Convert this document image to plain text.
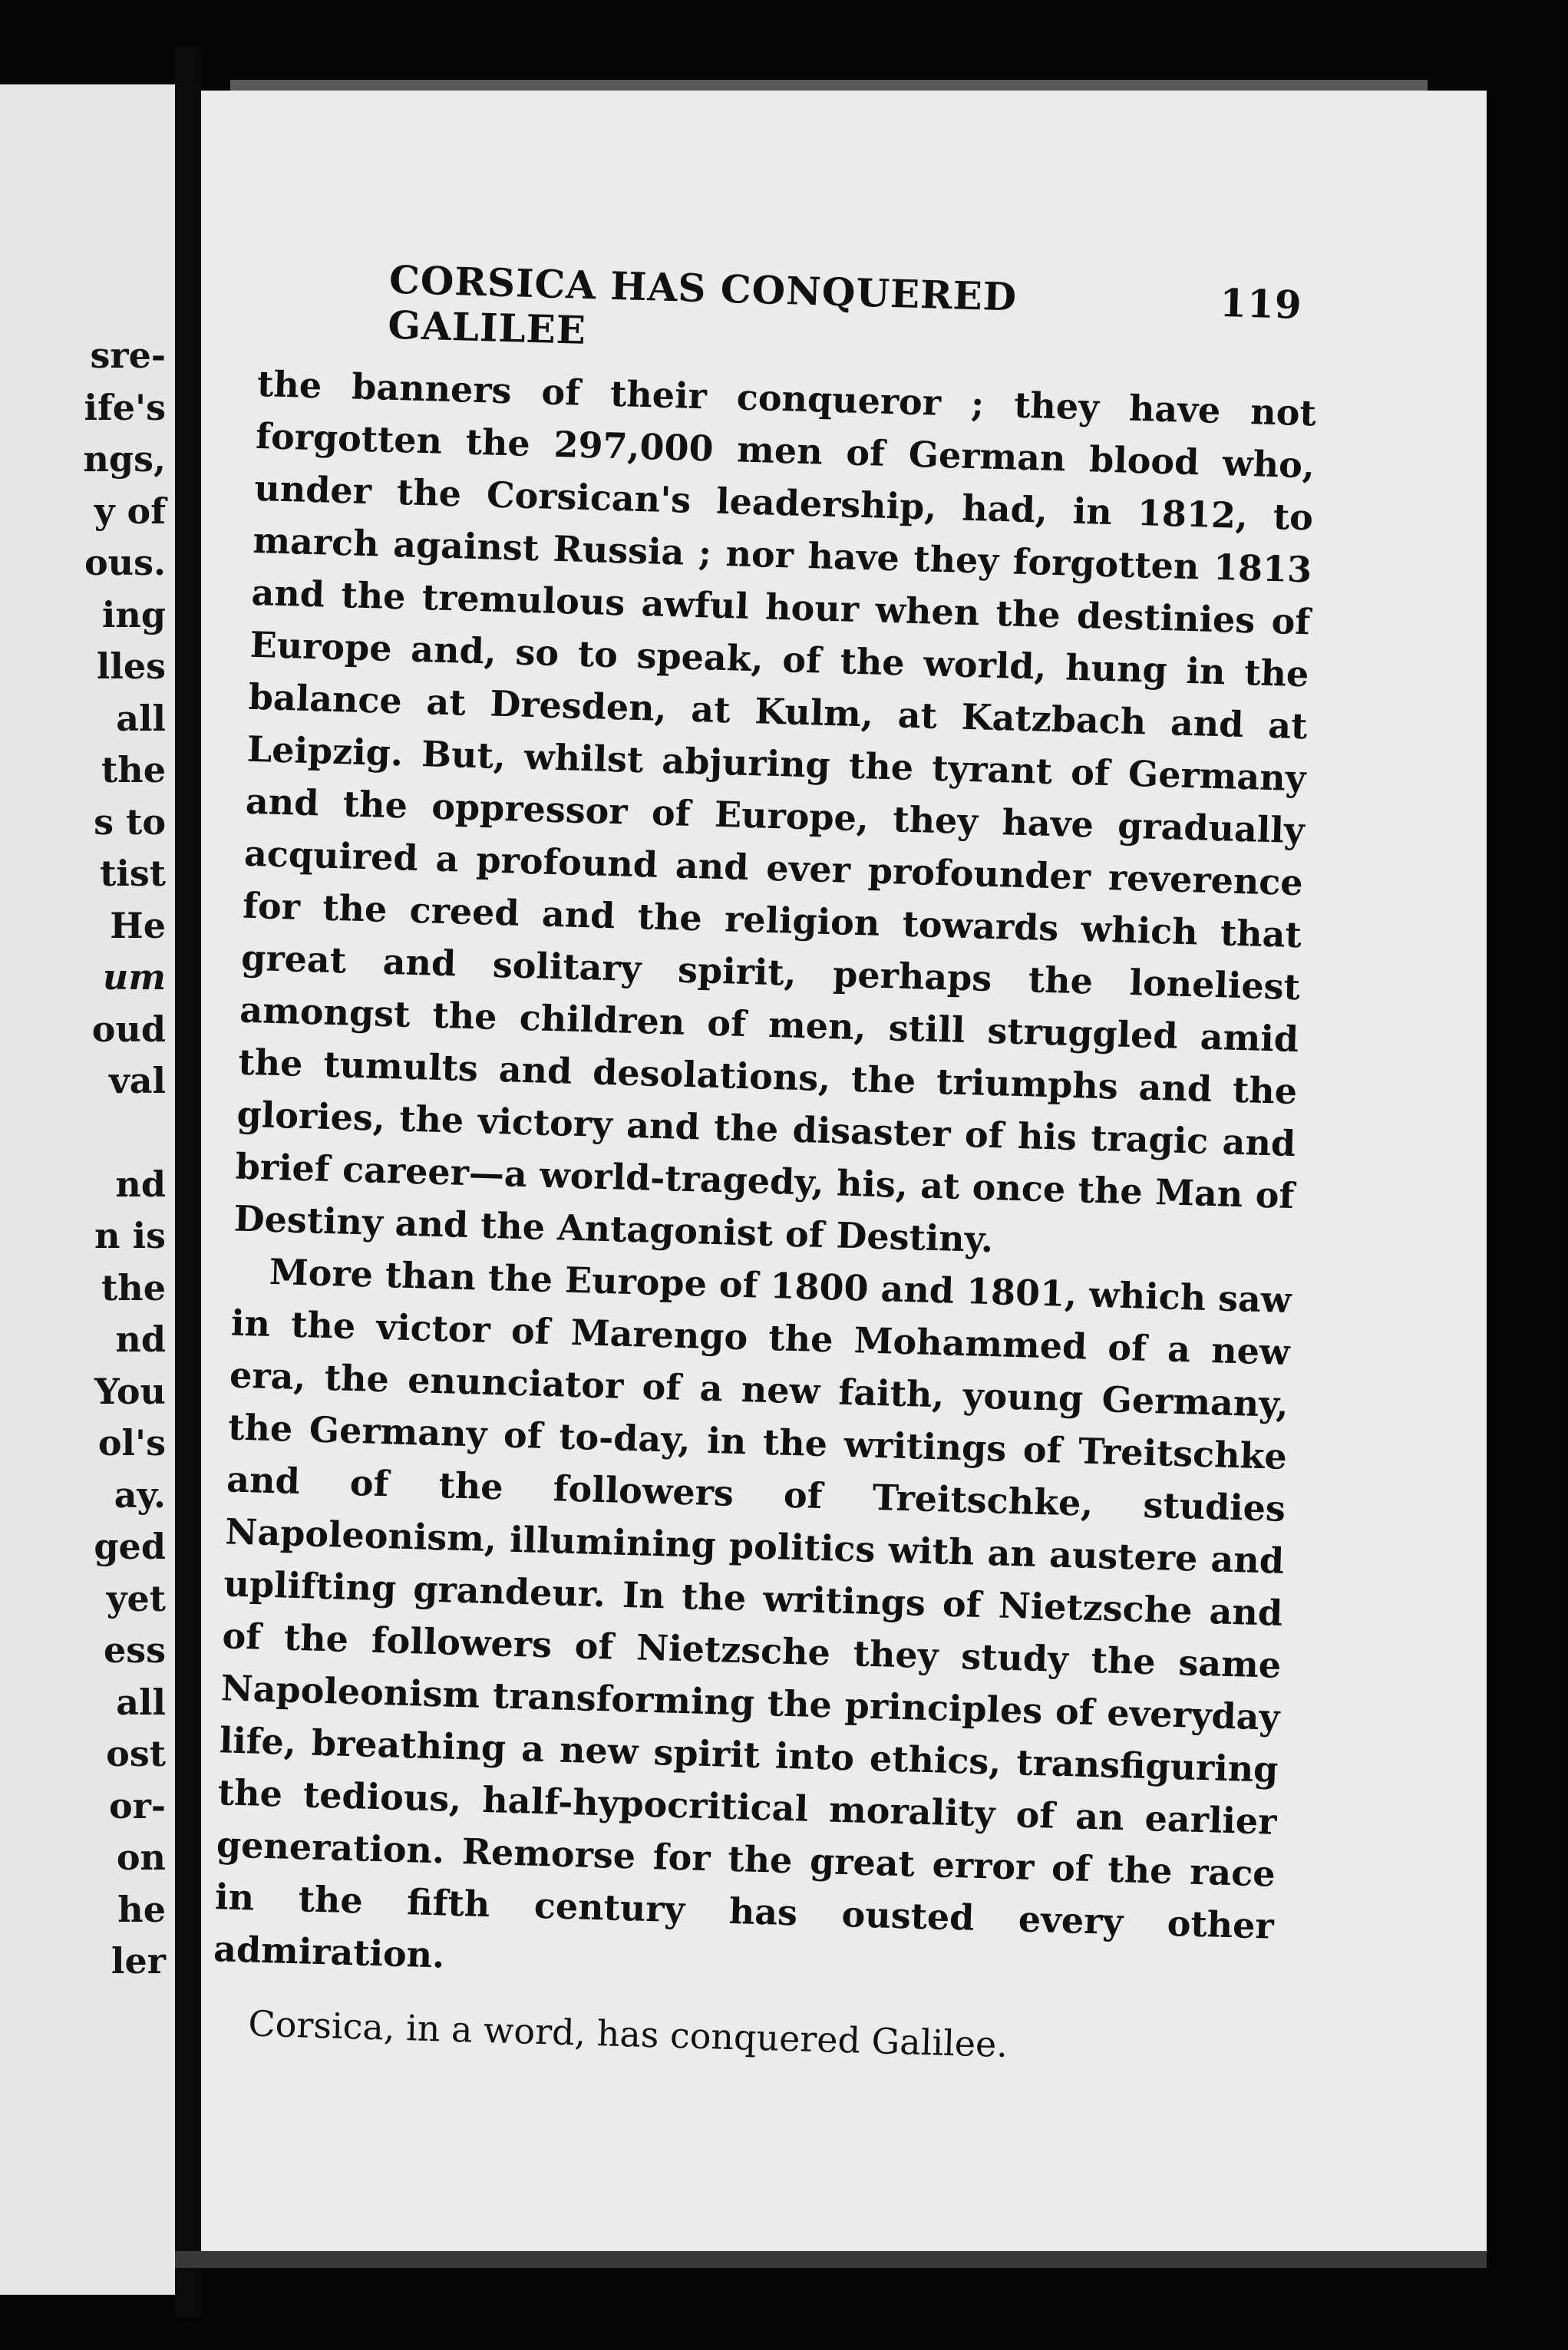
sre-
ife's
ngs,
y of
ous.
ing
lles
all
the
s to
tist
He
um
oud
val
nd
n is
the
nd
You
ol's
ay.
ged
yet
ess
all
ost
or-
on
he
ler
CORSICA HAS CONQUERED GALILEE	119

the banners of their conqueror ; they have not forgotten the 297,000 men of German blood who, under the Corsican's leadership, had, in 1812, to march against Russia ; nor have they forgotten 1813 and the tremulous awful hour when the destinies of Europe and, so to speak, of the world, hung in the balance at Dresden, at Kulm, at Katzbach and at Leipzig. But, whilst abjuring the tyrant of Germany and the oppressor of Europe, they have gradually acquired a profound and ever profounder reverence for the creed and the religion towards which that great and solitary spirit, perhaps the loneliest amongst the children of men, still struggled amid the tumults and desolations, the triumphs and the glories, the victory and the disaster of his tragic and brief career—a world-tragedy, his, at once the Man of Destiny and the Antagonist of Destiny.

More than the Europe of 1800 and 1801, which saw in the victor of Marengo the Mohammed of a new era, the enunciator of a new faith, young Germany, the Germany of to-day, in the writings of Treitschke and of the followers of Treitschke, studies Napoleonism, illumining politics with an austere and uplifting grandeur. In the writings of Nietzsche and of the followers of Nietzsche they study the same Napoleonism transforming the principles of everyday life, breathing a new spirit into ethics, transfiguring the tedious, half-hypocritical morality of an earlier generation. Remorse for the great error of the race in the fifth century has ousted every other admiration.

Corsica, in a word, has conquered Galilee.
